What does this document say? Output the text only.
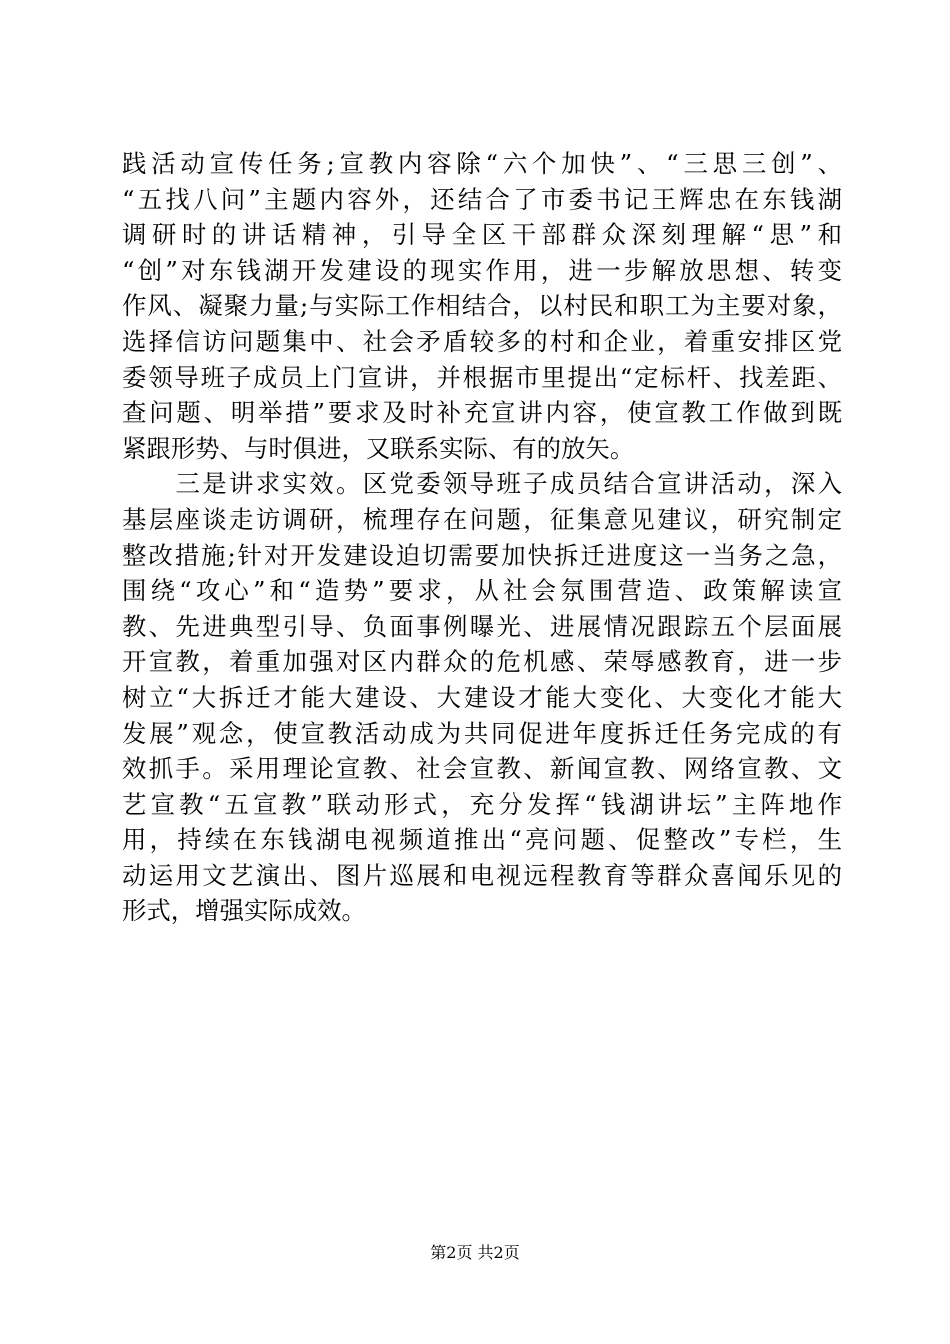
践活动宣传任务;宣教内容除“六个加快”、“三思三创”、
“五找八问”主题内容外，还结合了市委书记王辉忠在东钱湖
调研时的讲话精神，引导全区干部群众深刻理解“思”和
“创”对东钱湖开发建设的现实作用，进一步解放思想、转变
作风、凝聚力量;与实际工作相结合，以村民和职工为主要对象，
选择信访问题集中、社会矛盾较多的村和企业，着重安排区党
委领导班子成员上门宣讲，并根据市里提出“定标杆、找差距、
查问题、明举措”要求及时补充宣讲内容，使宣教工作做到既
紧跟形势、与时俱进，又联系实际、有的放矢。
　　三是讲求实效。区党委领导班子成员结合宣讲活动，深入
基层座谈走访调研，梳理存在问题，征集意见建议，研究制定
整改措施;针对开发建设迫切需要加快拆迁进度这一当务之急，
围绕“攻心”和“造势”要求，从社会氛围营造、政策解读宣
教、先进典型引导、负面事例曝光、进展情况跟踪五个层面展
开宣教，着重加强对区内群众的危机感、荣辱感教育，进一步
树立“大拆迁才能大建设、大建设才能大变化、大变化才能大
发展”观念，使宣教活动成为共同促进年度拆迁任务完成的有
效抓手。采用理论宣教、社会宣教、新闻宣教、网络宣教、文
艺宣教“五宣教”联动形式，充分发挥“钱湖讲坛”主阵地作
用，持续在东钱湖电视频道推出“亮问题、促整改”专栏，生
动运用文艺演出、图片巡展和电视远程教育等群众喜闻乐见的
形式，增强实际成效。
第2页 共2页
